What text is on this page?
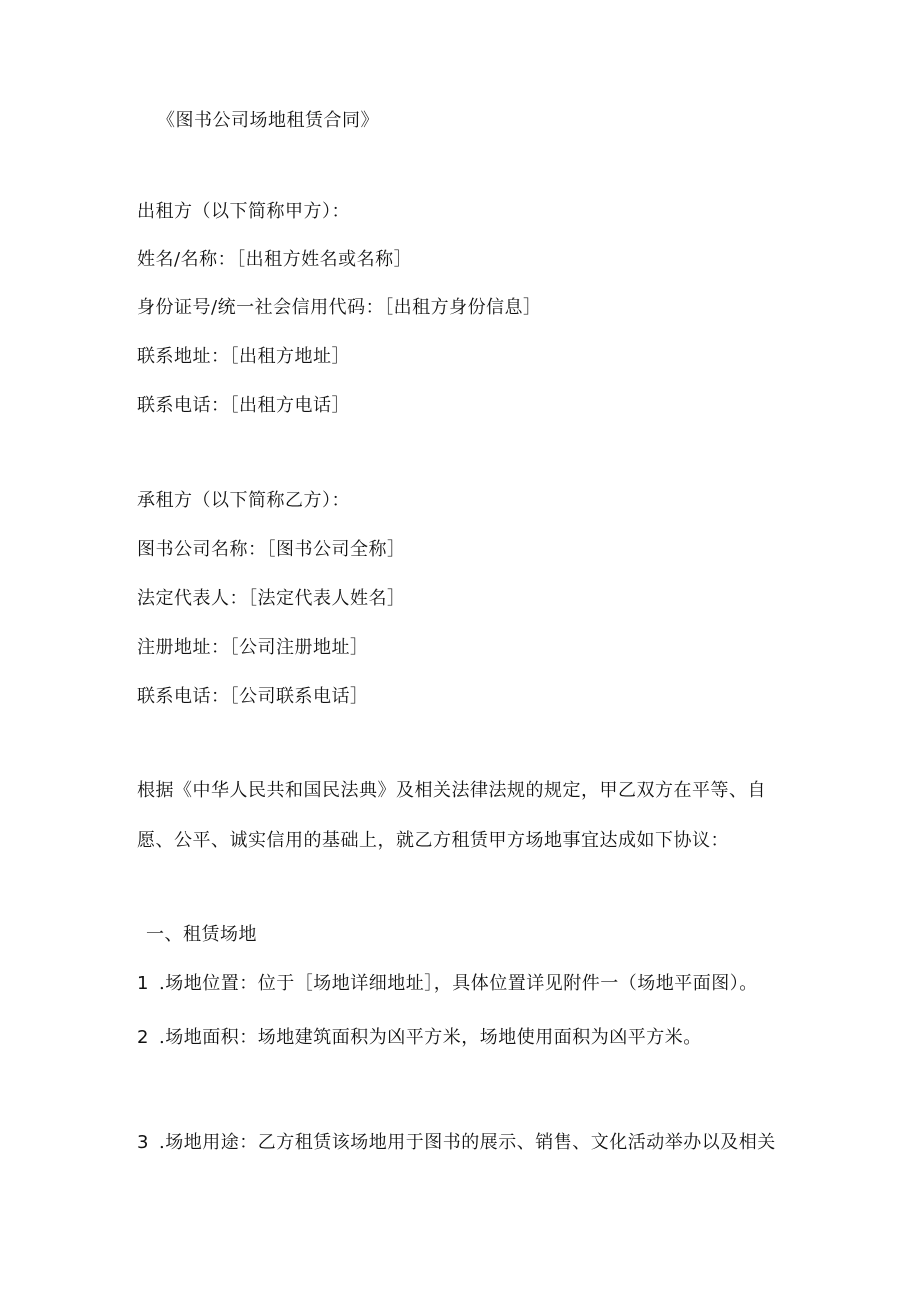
《图书公司场地租赁合同》
出租方（以下简称甲方）：
姓名/名称：［出租方姓名或名称］
身份证号/统一社会信用代码：［出租方身份信息］
联系地址：［出租方地址］
联系电话：［出租方电话］
承租方（以下简称乙方）：
图书公司名称：［图书公司全称］
法定代表人：［法定代表人姓名］
注册地址：［公司注册地址］
联系电话：［公司联系电话］
根据《中华人民共和国民法典》及相关法律法规的规定，甲乙双方在平等、自
愿、公平、诚实信用的基础上，就乙方租赁甲方场地事宜达成如下协议：
一、租赁场地
1 .场地位置：位于［场地详细地址］，具体位置详见附件一（场地平面图）。
2 .场地面积：场地建筑面积为凶平方米，场地使用面积为凶平方米。
3 .场地用途：乙方租赁该场地用于图书的展示、销售、文化活动举办以及相关
